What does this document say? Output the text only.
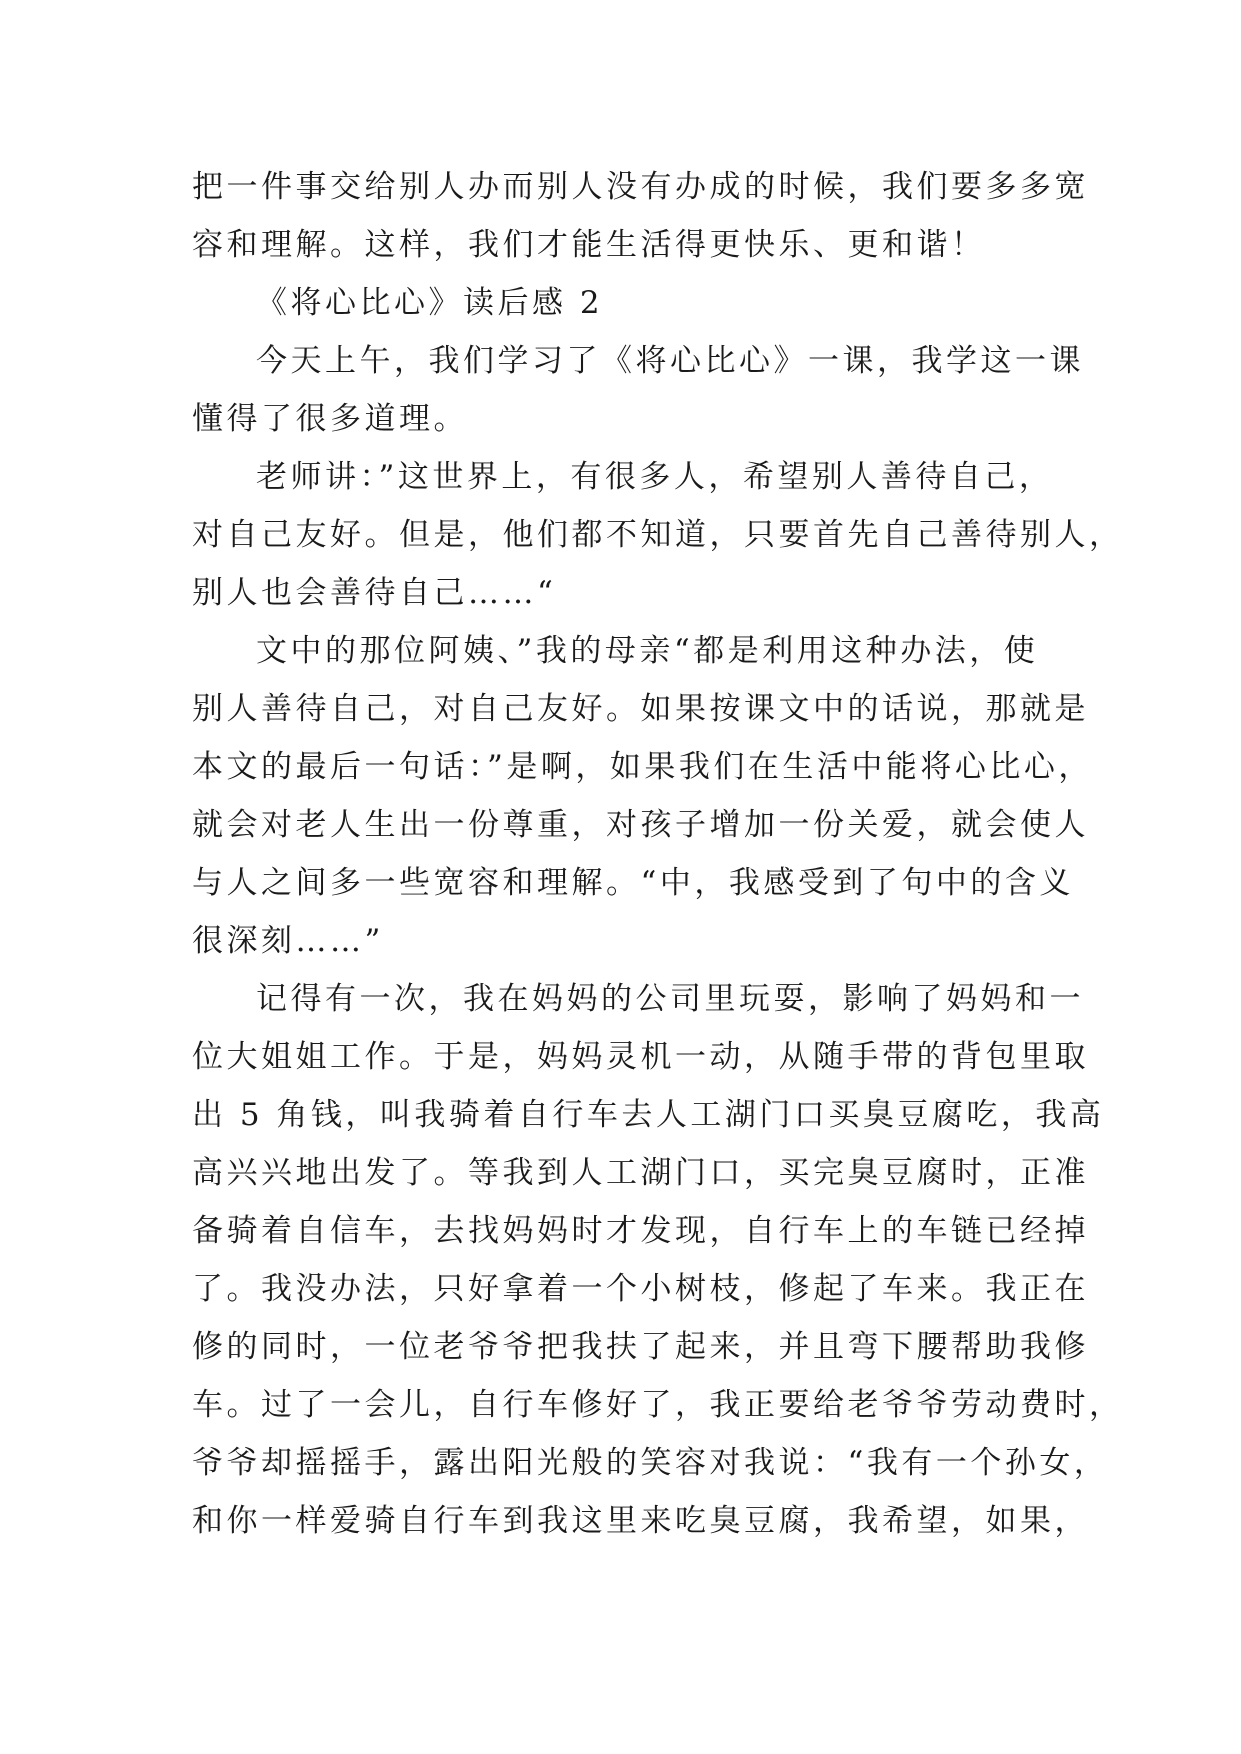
把一件事交给别人办而别人没有办成的时候，我们要多多宽
容和理解。这样，我们才能生活得更快乐、更和谐！
《将心比心》读后感 2
今天上午，我们学习了《将心比心》一课，我学这一课
懂得了很多道理。
老师讲：”这世界上，有很多人，希望别人善待自己，
对自己友好。但是，他们都不知道，只要首先自己善待别人，
别人也会善待自己……“
文中的那位阿姨、”我的母亲“都是利用这种办法，使
别人善待自己，对自己友好。如果按课文中的话说，那就是
本文的最后一句话：”是啊，如果我们在生活中能将心比心，
就会对老人生出一份尊重，对孩子增加一份关爱，就会使人
与人之间多一些宽容和理解。“中，我感受到了句中的含义
很深刻……”
记得有一次，我在妈妈的公司里玩耍，影响了妈妈和一
位大姐姐工作。于是，妈妈灵机一动，从随手带的背包里取
出 5 角钱，叫我骑着自行车去人工湖门口买臭豆腐吃，我高
高兴兴地出发了。等我到人工湖门口，买完臭豆腐时，正准
备骑着自信车，去找妈妈时才发现，自行车上的车链已经掉
了。我没办法，只好拿着一个小树枝，修起了车来。我正在
修的同时，一位老爷爷把我扶了起来，并且弯下腰帮助我修
车。过了一会儿，自行车修好了，我正要给老爷爷劳动费时，
爷爷却摇摇手，露出阳光般的笑容对我说：“我有一个孙女，
和你一样爱骑自行车到我这里来吃臭豆腐，我希望，如果，
